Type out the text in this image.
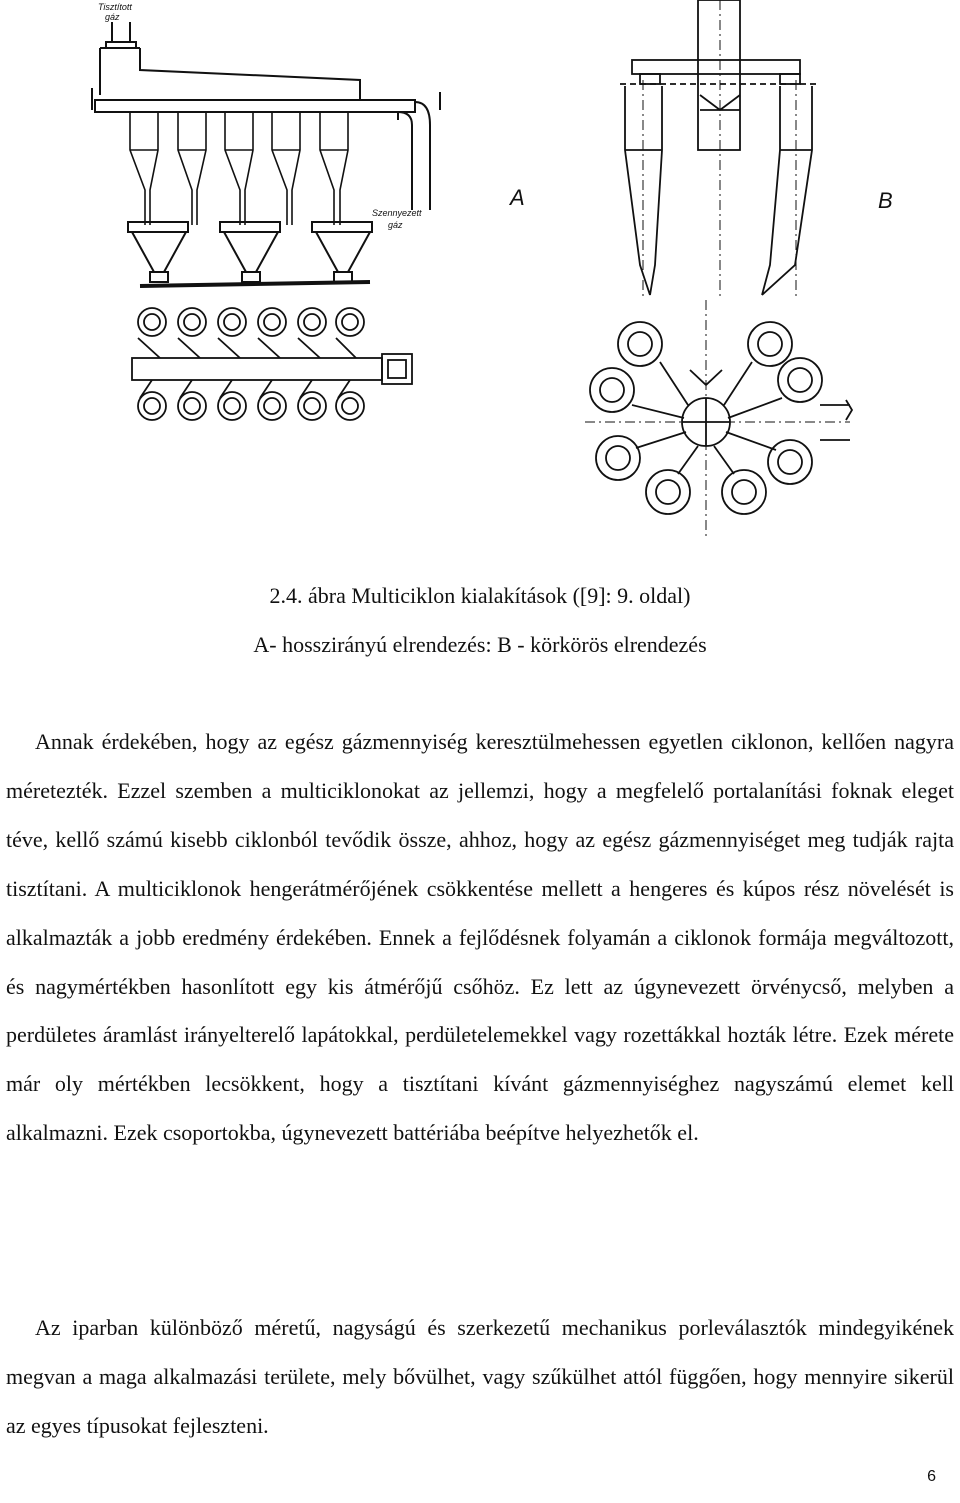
Tisztított
gáz
Szennyezett
gáz
A	B
2.4. ábra Multiciklon kialakítások ([9]: 9. oldal)
A- hosszirányú elrendezés: B - körkörös elrendezés
Annak érdekében, hogy az egész gázmennyiség keresztülmehessen egyetlen ciklonon, kellően nagyra méretezték. Ezzel szemben a multiciklonokat az jellemzi, hogy a megfelelő portalanítási foknak eleget téve, kellő számú kisebb ciklonból tevődik össze, ahhoz, hogy az egész gázmennyiséget meg tudják rajta tisztítani. A multiciklonok hengerátmérőjének csökkentése mellett a hengeres és kúpos rész növelését is alkalmazták a jobb eredmény érdekében. Ennek a fejlődésnek folyamán a ciklonok formája megváltozott, és nagymértékben hasonlított egy kis átmérőjű csőhöz. Ez lett az úgynevezett örvénycső, melyben a perdületes áramlást irányelterelő lapátokkal, perdületelemekkel vagy rozettákkal hozták létre. Ezek mérete már oly mértékben lecsökkent, hogy a tisztítani kívánt gázmennyiséghez nagyszámú elemet kell alkalmazni. Ezek csoportokba, úgynevezett battériába beépítve helyezhetők el.
Az iparban különböző méretű, nagyságú és szerkezetű mechanikus porleválasztók mindegyikének megvan a maga alkalmazási területe, mely bővülhet, vagy szűkülhet attól függően, hogy mennyire sikerül az egyes típusokat fejleszteni.
6
